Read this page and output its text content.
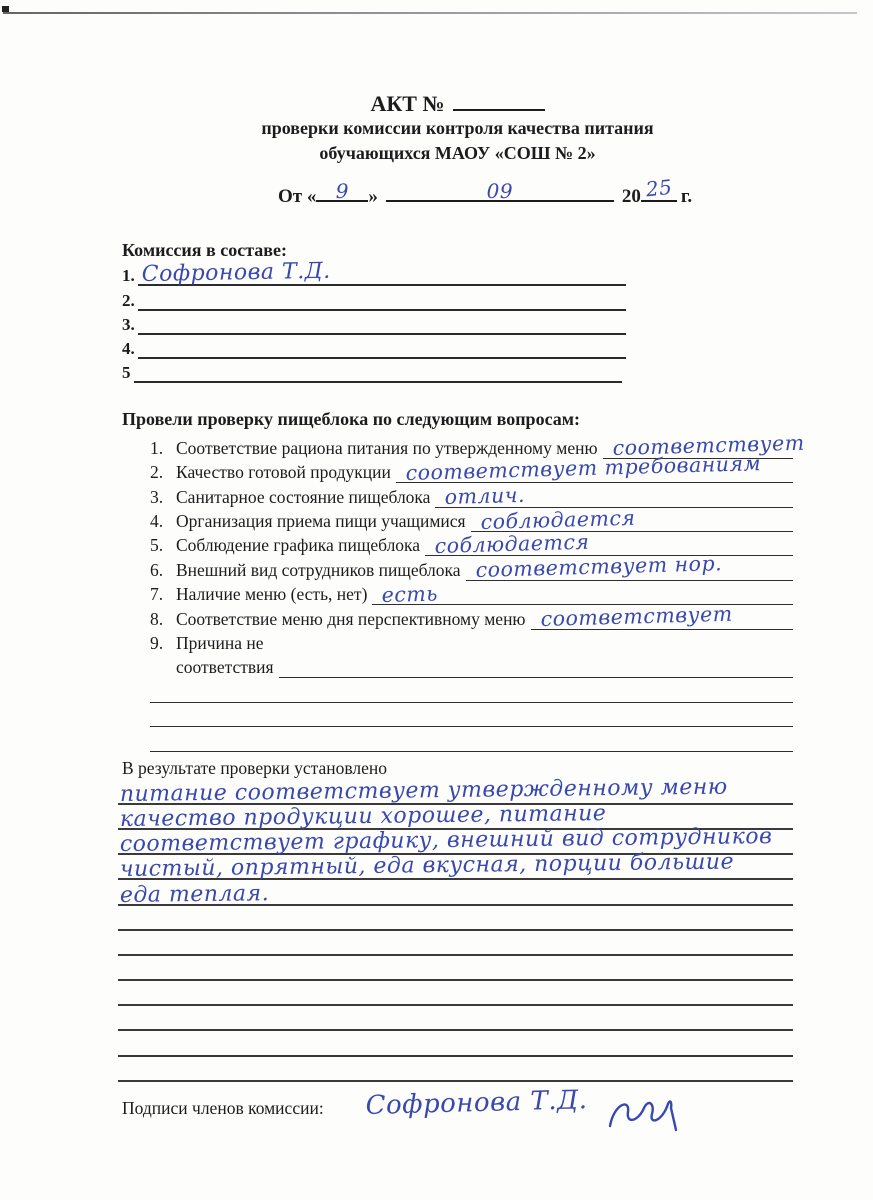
АКТ №
проверки комиссии контроля качества питания
обучающихся МАОУ «СОШ № 2»
От « 9	»	09	20 25 г.
Комиссия в составе:
1. Софронова Т.Д.
2.
3.
4.
5
Провели проверку пищеблока по следующим вопросам:
1. Соответствие рациона питания по утвержденному меню соответствует
2. Качество готовой продукции соответствует требованиям
3. Санитарное состояние пищеблока отлич.
4. Организация приема пищи учащимися соблюдается
5. Соблюдение графика пищеблока соблюдается
6. Внешний вид сотрудников пищеблока соответствует нор.
7. Наличие меню (есть, нет) есть
8. Соответствие меню дня перспективному меню соответствует
9. Причина не
соответствия
В результате проверки установлено
питание соответствует утвержденному меню
качество продукции хорошее, питание
соответствует графику, внешний вид сотрудников
чистый, опрятный, еда вкусная, порции большие
еда теплая.
Подписи членов комиссии: Софронова Т.Д.
